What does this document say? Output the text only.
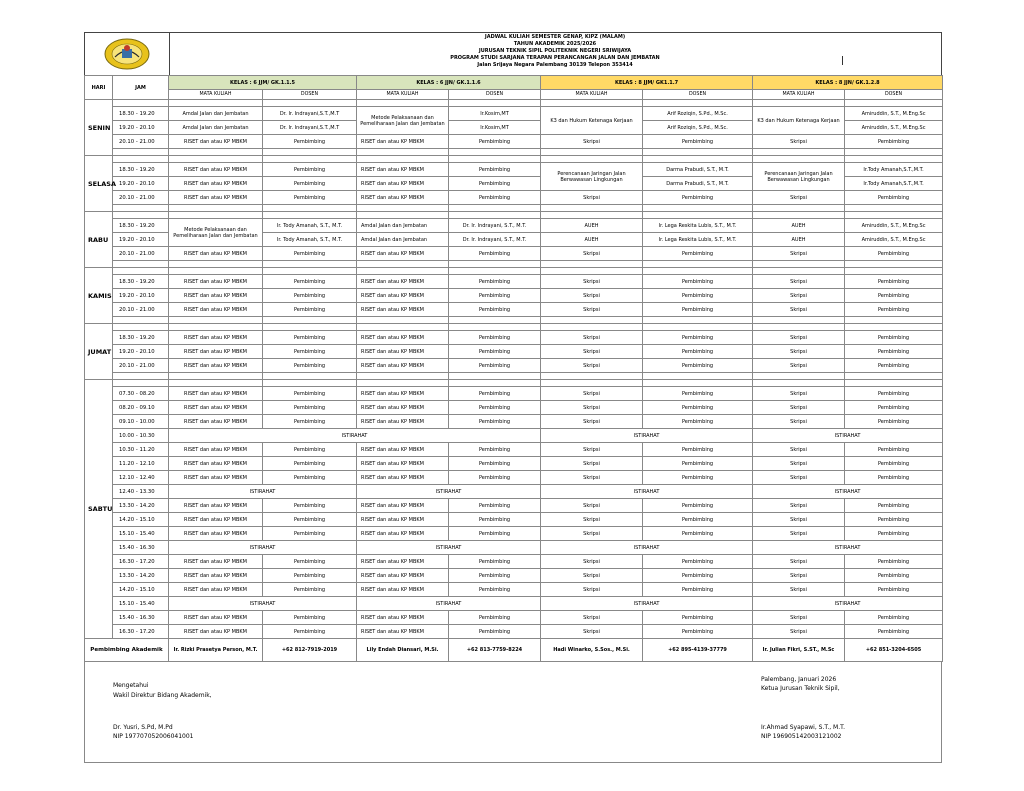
JADWAL KULIAH SEMESTER GENAP, KIPZ (MALAM)
TAHUN AKADEMIK 2025/2026
JURUSAN TEKNIK SIPIL POLITEKNIK NEGERI SRIWIJAYA
PROGRAM STUDI SARJANA TERAPAN PERANCANGAN JALAN DAN JEMBATAN
Jalan Srijaya Negara Palembang 30139 Telepon 353414
HARI	JAM	KELAS : 6 JJM/ GK.1.1.5		KELAS : 6 JJN/ GK.1.1.6		KELAS : 8 JJM/ GK1.1.7		KELAS : 8 JJN/ GK.1.2.8	
		MATA KULIAH	DOSEN	MATA KULIAH	DOSEN	MATA KULIAH	DOSEN	MATA KULIAH	DOSEN
SENIN									
	18.30 - 19.20	Amdal Jalan dan Jembatan	Dr. Ir. Indrayani,S.T.,M.T	Metode Pelaksanaan dan Pemeliharaan Jalan dan Jembatan	Ir.Kosim,MT	K3 dan Hukum Ketenaga Kerjaan	Arif Roziqin, S.Pd., M.Sc.	K3 dan Hukum Ketenaga Kerjaan	Amiruddin, S.T., M.Eng.Sc
	19.20 - 20.10	Amdal Jalan dan Jembatan	Dr. Ir. Indrayani,S.T.,M.T		Ir.Kosim,MT		Arif Roziqin, S.Pd., M.Sc.		Amiruddin, S.T., M.Eng.Sc
	20.10 - 21.00	RISET dan atau KP MBKM	Pembimbing	RISET dan atau KP MBKM	Pembimbing	Skripsi	Pembimbing	Skripsi	Pembimbing

SELASA									
	18.30 - 19.20	RISET dan atau KP MBKM	Pembimbing	RISET dan atau KP MBKM	Pembimbing	Perencanaan Jaringan Jalan Berwawasan Lingkungan	Darma Prabudi, S.T., M.T.	Perencanaan Jaringan Jalan Berwawasan Lingkungan	Ir.Tody Amanah,S.T.,M.T.
	19.20 - 20.10	RISET dan atau KP MBKM	Pembimbing	RISET dan atau KP MBKM	Pembimbing		Darma Prabudi, S.T., M.T.		Ir.Tody Amanah,S.T.,M.T.
	20.10 - 21.00	RISET dan atau KP MBKM	Pembimbing	RISET dan atau KP MBKM	Pembimbing	Skripsi	Pembimbing	Skripsi	Pembimbing

RABU									
	18.30 - 19.20	Metode Pelaksanaan dan Pemeliharaan Jalan dan Jembatan	Ir. Tody Amanah, S.T., M.T.	Amdal Jalan dan Jembatan	Dr. Ir. Indrayani, S.T., M.T.	AUEH	Ir. Lega Reskita Lubis, S.T., M.T.	AUEH	Amiruddin, S.T., M.Eng.Sc
	19.20 - 20.10		Ir. Tody Amanah, S.T., M.T.	Amdal Jalan dan Jembatan	Dr. Ir. Indrayani, S.T., M.T.	AUEH	Ir. Lega Reskita Lubis, S.T., M.T.	AUEH	Amiruddin, S.T., M.Eng.Sc
	20.10 - 21.00	RISET dan atau KP MBKM	Pembimbing	RISET dan atau KP MBKM	Pembimbing	Skripsi	Pembimbing	Skripsi	Pembimbing

KAMIS									
	18.30 - 19.20	RISET dan atau KP MBKM	Pembimbing	RISET dan atau KP MBKM	Pembimbing	Skripsi	Pembimbing	Skripsi	Pembimbing
	19.20 - 20.10	RISET dan atau KP MBKM	Pembimbing	RISET dan atau KP MBKM	Pembimbing	Skripsi	Pembimbing	Skripsi	Pembimbing
	20.10 - 21.00	RISET dan atau KP MBKM	Pembimbing	RISET dan atau KP MBKM	Pembimbing	Skripsi	Pembimbing	Skripsi	Pembimbing

JUMAT									
	18.30 - 19.20	RISET dan atau KP MBKM	Pembimbing	RISET dan atau KP MBKM	Pembimbing	Skripsi	Pembimbing	Skripsi	Pembimbing
	19.20 - 20.10	RISET dan atau KP MBKM	Pembimbing	RISET dan atau KP MBKM	Pembimbing	Skripsi	Pembimbing	Skripsi	Pembimbing
	20.10 - 21.00	RISET dan atau KP MBKM	Pembimbing	RISET dan atau KP MBKM	Pembimbing	Skripsi	Pembimbing	Skripsi	Pembimbing

SABTU									
	07.30 - 08.20	RISET dan atau KP MBKM	Pembimbing	RISET dan atau KP MBKM	Pembimbing	Skripsi	Pembimbing	Skripsi	Pembimbing
	08.20 - 09.10	RISET dan atau KP MBKM	Pembimbing	RISET dan atau KP MBKM	Pembimbing	Skripsi	Pembimbing	Skripsi	Pembimbing
	09.10 - 10.00	RISET dan atau KP MBKM	Pembimbing	RISET dan atau KP MBKM	Pembimbing	Skripsi	Pembimbing	Skripsi	Pembimbing
	10.00 - 10.30	ISTIRAHAT				ISTIRAHAT		ISTIRAHAT	
	10.30 - 11.20	RISET dan atau KP MBKM	Pembimbing	RISET dan atau KP MBKM	Pembimbing	Skripsi	Pembimbing	Skripsi	Pembimbing
	11.20 - 12.10	RISET dan atau KP MBKM	Pembimbing	RISET dan atau KP MBKM	Pembimbing	Skripsi	Pembimbing	Skripsi	Pembimbing
	12.10 - 12.40	RISET dan atau KP MBKM	Pembimbing	RISET dan atau KP MBKM	Pembimbing	Skripsi	Pembimbing	Skripsi	Pembimbing
	12.40 - 13.30	ISTIRAHAT		ISTIRAHAT		ISTIRAHAT		ISTIRAHAT	
	13.30 - 14.20	RISET dan atau KP MBKM	Pembimbing	RISET dan atau KP MBKM	Pembimbing	Skripsi	Pembimbing	Skripsi	Pembimbing
	14.20 - 15.10	RISET dan atau KP MBKM	Pembimbing	RISET dan atau KP MBKM	Pembimbing	Skripsi	Pembimbing	Skripsi	Pembimbing
	15.10 - 15.40	RISET dan atau KP MBKM	Pembimbing	RISET dan atau KP MBKM	Pembimbing	Skripsi	Pembimbing	Skripsi	Pembimbing
	15.40 - 16.30	ISTIRAHAT		ISTIRAHAT		ISTIRAHAT		ISTIRAHAT	
	16.30 - 17.20	RISET dan atau KP MBKM	Pembimbing	RISET dan atau KP MBKM	Pembimbing	Skripsi	Pembimbing	Skripsi	Pembimbing
	13.30 - 14.20	RISET dan atau KP MBKM	Pembimbing	RISET dan atau KP MBKM	Pembimbing	Skripsi	Pembimbing	Skripsi	Pembimbing
	14.20 - 15.10	RISET dan atau KP MBKM	Pembimbing	RISET dan atau KP MBKM	Pembimbing	Skripsi	Pembimbing	Skripsi	Pembimbing
	15.10 - 15.40	ISTIRAHAT		ISTIRAHAT		ISTIRAHAT		ISTIRAHAT	
	15.40 - 16.30	RISET dan atau KP MBKM	Pembimbing	RISET dan atau KP MBKM	Pembimbing	Skripsi	Pembimbing	Skripsi	Pembimbing
	16.30 - 17.20	RISET dan atau KP MBKM	Pembimbing	RISET dan atau KP MBKM	Pembimbing	Skripsi	Pembimbing	Skripsi	Pembimbing
Pembimbing Akademik		Ir. Rizki Prasetya Person, M.T.	+62 812-7919-2019	Lily Endah Diansari, M.Si.	+62 813-7759-8224	Hadi Winarko, S.Sos., M.Si.	+62 895-4139-37779	Ir. Julian Fikri, S.ST., M.Sc	+62 851-3204-6505
Mengetahui
Wakil Direktur Bidang Akademik,
Dr. Yusri, S.Pd, M.Pd
NIP 197707052006041001
Palembang, Januari 2026
Ketua Jurusan Teknik Sipil,
Ir.Ahmad Syapawi, S.T., M.T.
NIP 196905142003121002
